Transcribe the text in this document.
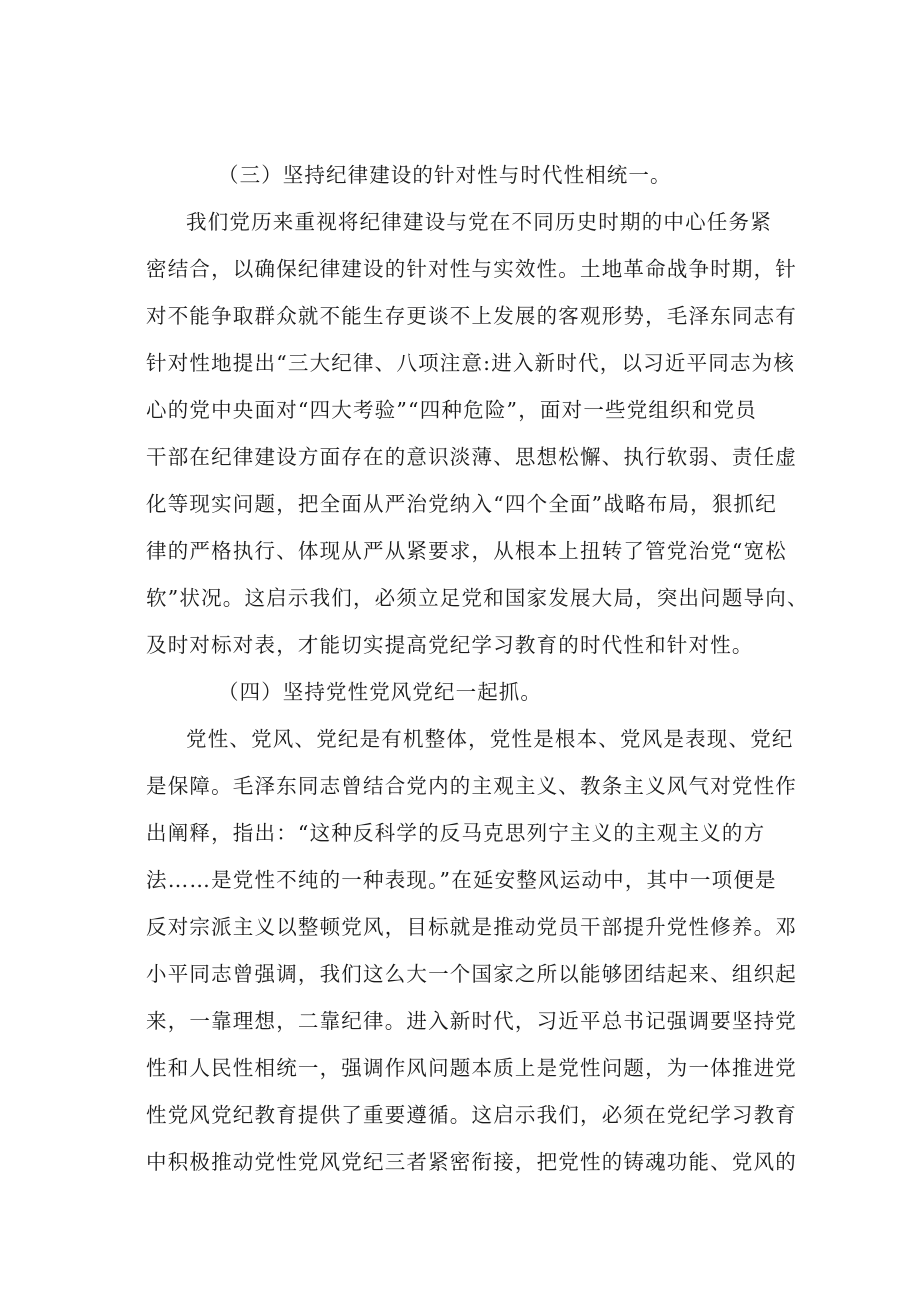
（三）坚持纪律建设的针对性与时代性相统一。
我们党历来重视将纪律建设与党在不同历史时期的中心任务紧
密结合，以确保纪律建设的针对性与实效性。土地革命战争时期，针
对不能争取群众就不能生存更谈不上发展的客观形势，毛泽东同志有
针对性地提出“三大纪律、八项注意:进入新时代，以习近平同志为核
心的党中央面对“四大考验”“四种危险”，面对一些党组织和党员
干部在纪律建设方面存在的意识淡薄、思想松懈、执行软弱、责任虚
化等现实问题，把全面从严治党纳入“四个全面”战略布局，狠抓纪
律的严格执行、体现从严从紧要求，从根本上扭转了管党治党“宽松
软”状况。这启示我们，必须立足党和国家发展大局，突出问题导向、
及时对标对表，才能切实提高党纪学习教育的时代性和针对性。
（四）坚持党性党风党纪一起抓。
党性、党风、党纪是有机整体，党性是根本、党风是表现、党纪
是保障。毛泽东同志曾结合党内的主观主义、教条主义风气对党性作
出阐释，指出：“这种反科学的反马克思列宁主义的主观主义的方
法……是党性不纯的一种表现。”在延安整风运动中，其中一项便是
反对宗派主义以整顿党风，目标就是推动党员干部提升党性修养。邓
小平同志曾强调，我们这么大一个国家之所以能够团结起来、组织起
来，一靠理想，二靠纪律。进入新时代，习近平总书记强调要坚持党
性和人民性相统一，强调作风问题本质上是党性问题，为一体推进党
性党风党纪教育提供了重要遵循。这启示我们，必须在党纪学习教育
中积极推动党性党风党纪三者紧密衔接，把党性的铸魂功能、党风的
